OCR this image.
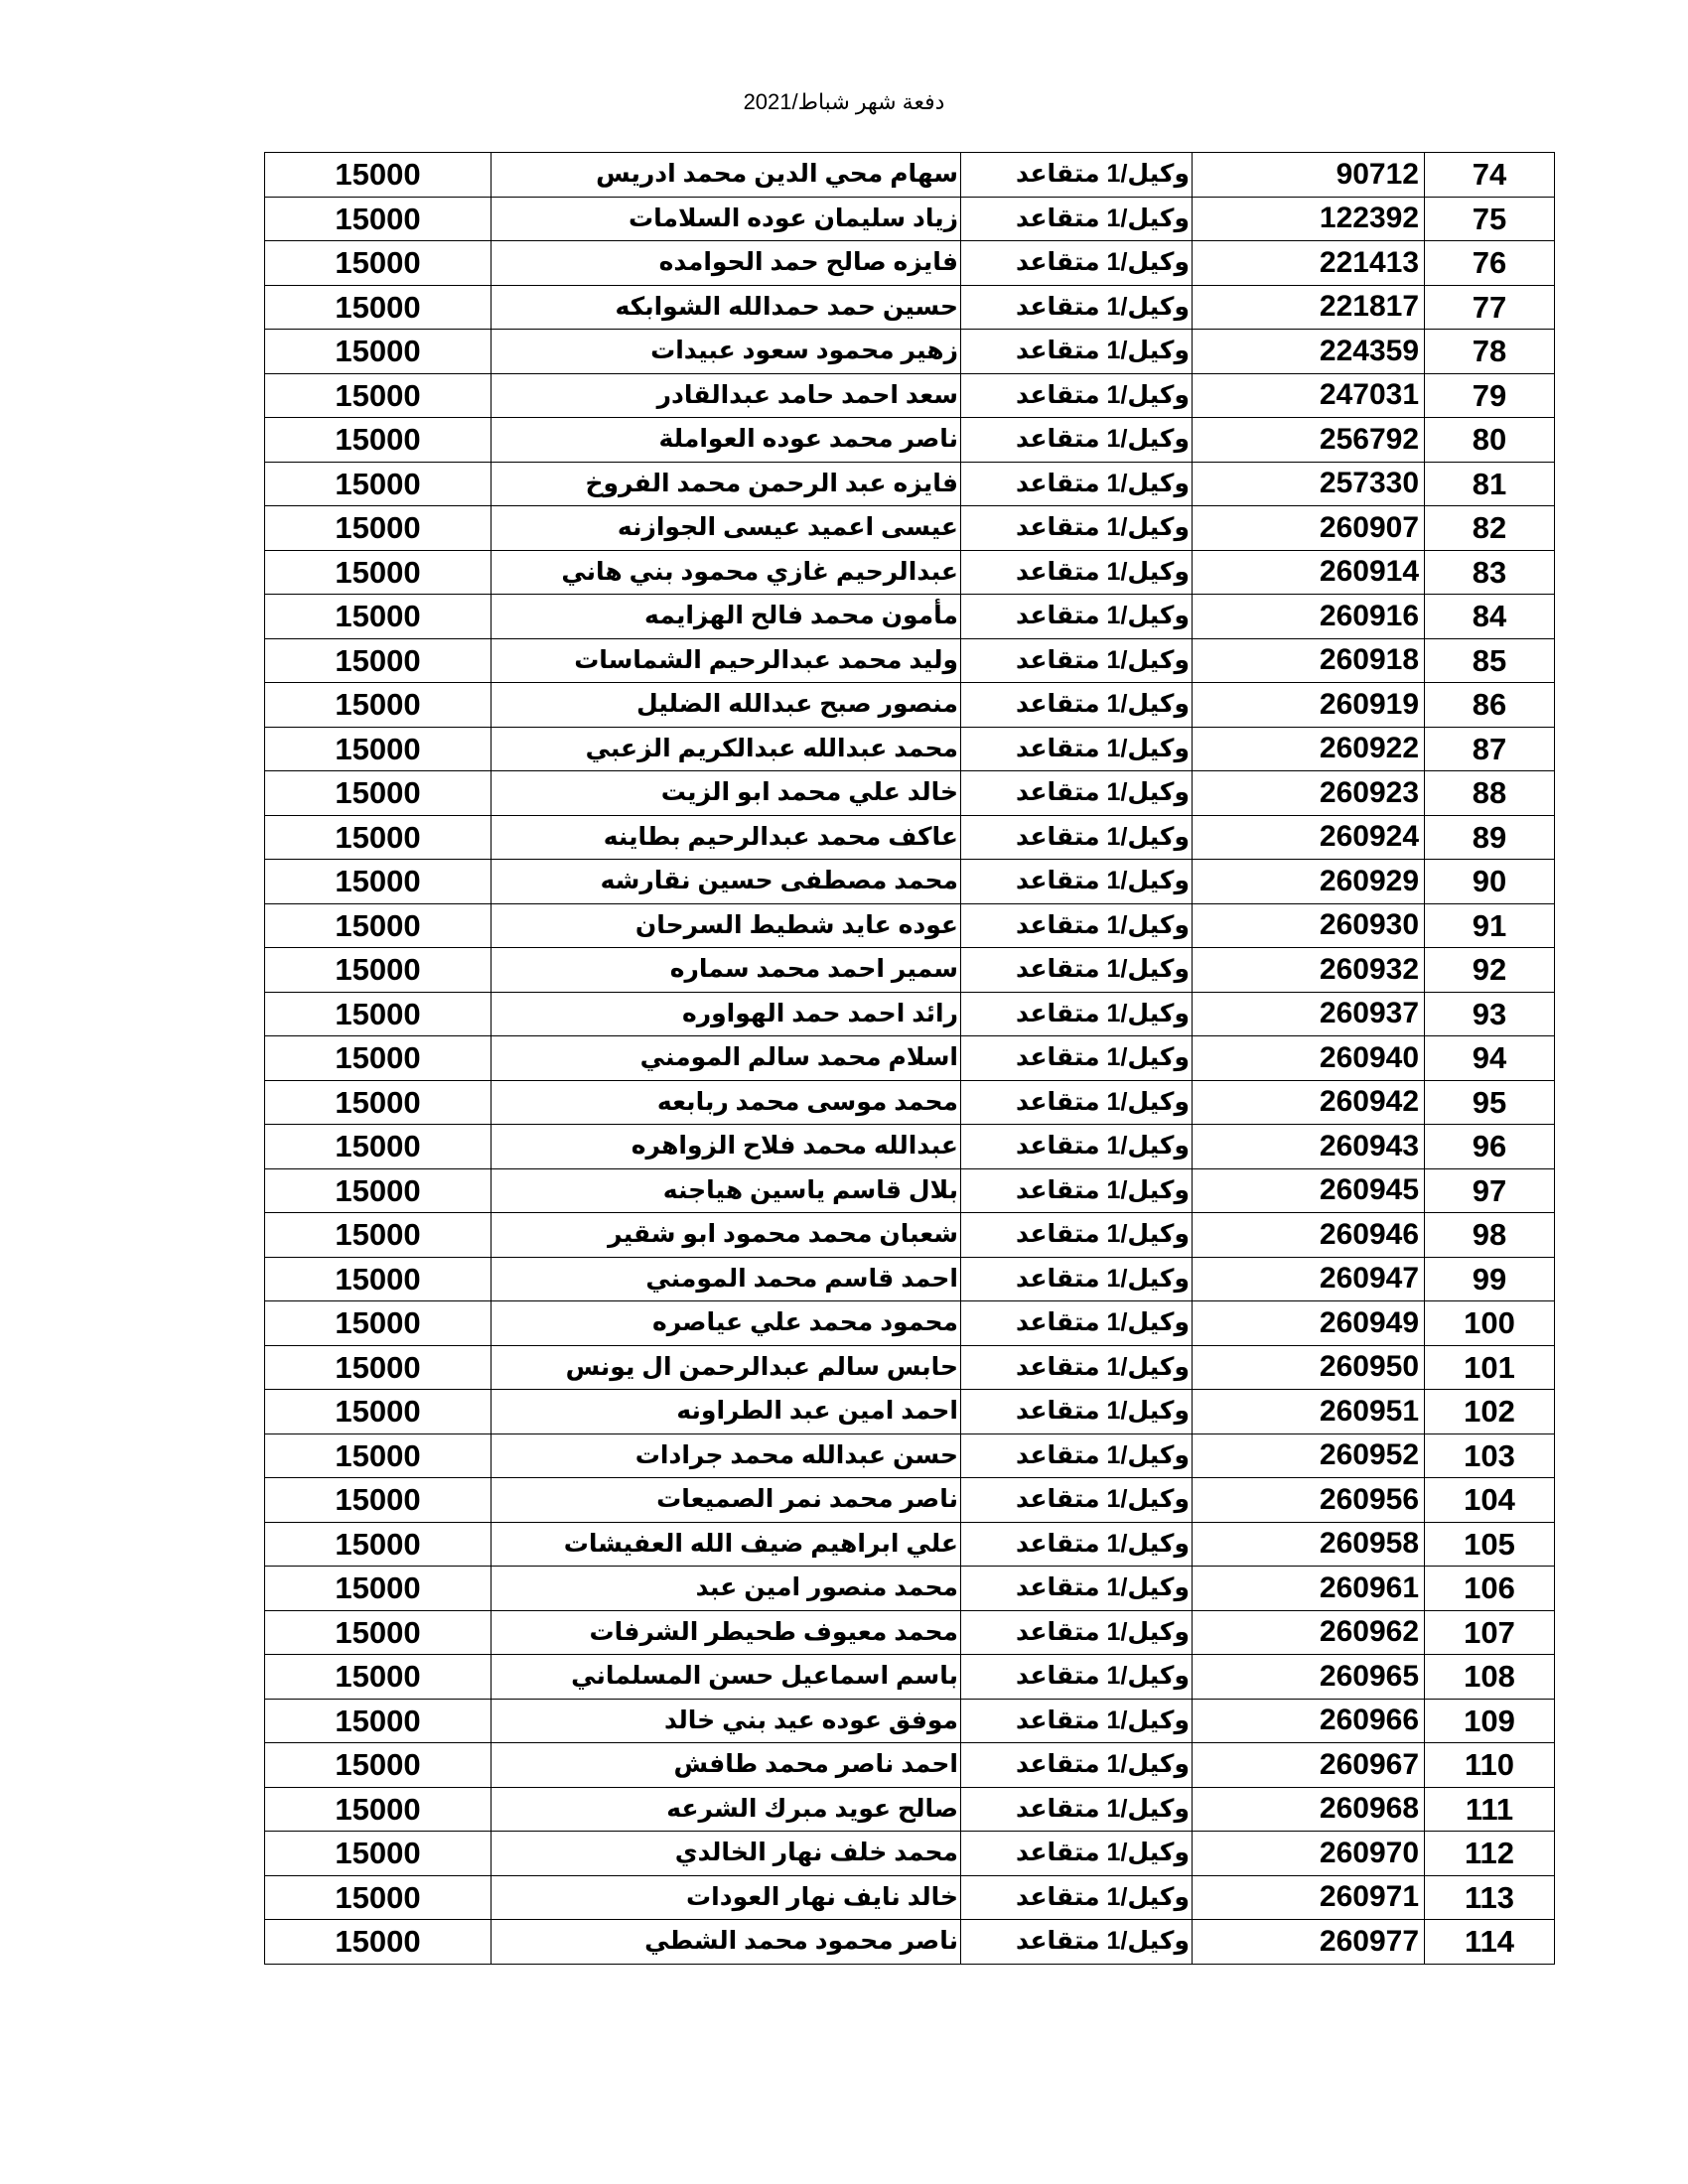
دفعة شهر شباط/2021
74	90712	وكيل/1 متقاعد	سهام محي الدين محمد ادريس	15000
75	122392	وكيل/1 متقاعد	زياد سليمان عوده السلامات	15000
76	221413	وكيل/1 متقاعد	فايزه صالح حمد الحوامده	15000
77	221817	وكيل/1 متقاعد	حسين حمد حمدالله الشوابكه	15000
78	224359	وكيل/1 متقاعد	زهير محمود سعود عبيدات	15000
79	247031	وكيل/1 متقاعد	سعد احمد حامد عبدالقادر	15000
80	256792	وكيل/1 متقاعد	ناصر محمد عوده العواملة	15000
81	257330	وكيل/1 متقاعد	فايزه عبد الرحمن محمد الفروخ	15000
82	260907	وكيل/1 متقاعد	عيسى اعميد عيسى الجوازنه	15000
83	260914	وكيل/1 متقاعد	عبدالرحيم غازي محمود بني هاني	15000
84	260916	وكيل/1 متقاعد	مأمون محمد فالح الهزايمه	15000
85	260918	وكيل/1 متقاعد	وليد محمد عبدالرحيم الشماسات	15000
86	260919	وكيل/1 متقاعد	منصور صبح عبدالله الضليل	15000
87	260922	وكيل/1 متقاعد	محمد عبدالله عبدالكريم الزعبي	15000
88	260923	وكيل/1 متقاعد	خالد علي محمد ابو الزيت	15000
89	260924	وكيل/1 متقاعد	عاكف محمد عبدالرحيم بطاينه	15000
90	260929	وكيل/1 متقاعد	محمد مصطفى حسين نقارشه	15000
91	260930	وكيل/1 متقاعد	عوده عايد شطيط السرحان	15000
92	260932	وكيل/1 متقاعد	سمير احمد محمد سماره	15000
93	260937	وكيل/1 متقاعد	رائد احمد حمد الهواوره	15000
94	260940	وكيل/1 متقاعد	اسلام محمد سالم المومني	15000
95	260942	وكيل/1 متقاعد	محمد موسى محمد ربابعه	15000
96	260943	وكيل/1 متقاعد	عبدالله محمد فلاح الزواهره	15000
97	260945	وكيل/1 متقاعد	بلال قاسم ياسين هياجنه	15000
98	260946	وكيل/1 متقاعد	شعبان محمد محمود ابو شقير	15000
99	260947	وكيل/1 متقاعد	احمد قاسم محمد المومني	15000
100	260949	وكيل/1 متقاعد	محمود محمد علي عياصره	15000
101	260950	وكيل/1 متقاعد	حابس سالم عبدالرحمن ال يونس	15000
102	260951	وكيل/1 متقاعد	احمد امين عبد الطراونه	15000
103	260952	وكيل/1 متقاعد	حسن عبدالله محمد جرادات	15000
104	260956	وكيل/1 متقاعد	ناصر محمد نمر الصميعات	15000
105	260958	وكيل/1 متقاعد	علي ابراهيم ضيف الله العفيشات	15000
106	260961	وكيل/1 متقاعد	محمد منصور امين عبد	15000
107	260962	وكيل/1 متقاعد	محمد معيوف طحيطر الشرفات	15000
108	260965	وكيل/1 متقاعد	باسم اسماعيل حسن المسلماني	15000
109	260966	وكيل/1 متقاعد	موفق عوده عيد بني خالد	15000
110	260967	وكيل/1 متقاعد	احمد ناصر محمد طافش	15000
111	260968	وكيل/1 متقاعد	صالح عويد مبرك الشرعه	15000
112	260970	وكيل/1 متقاعد	محمد خلف نهار الخالدي	15000
113	260971	وكيل/1 متقاعد	خالد نايف نهار العودات	15000
114	260977	وكيل/1 متقاعد	ناصر محمود محمد الشطي	15000
